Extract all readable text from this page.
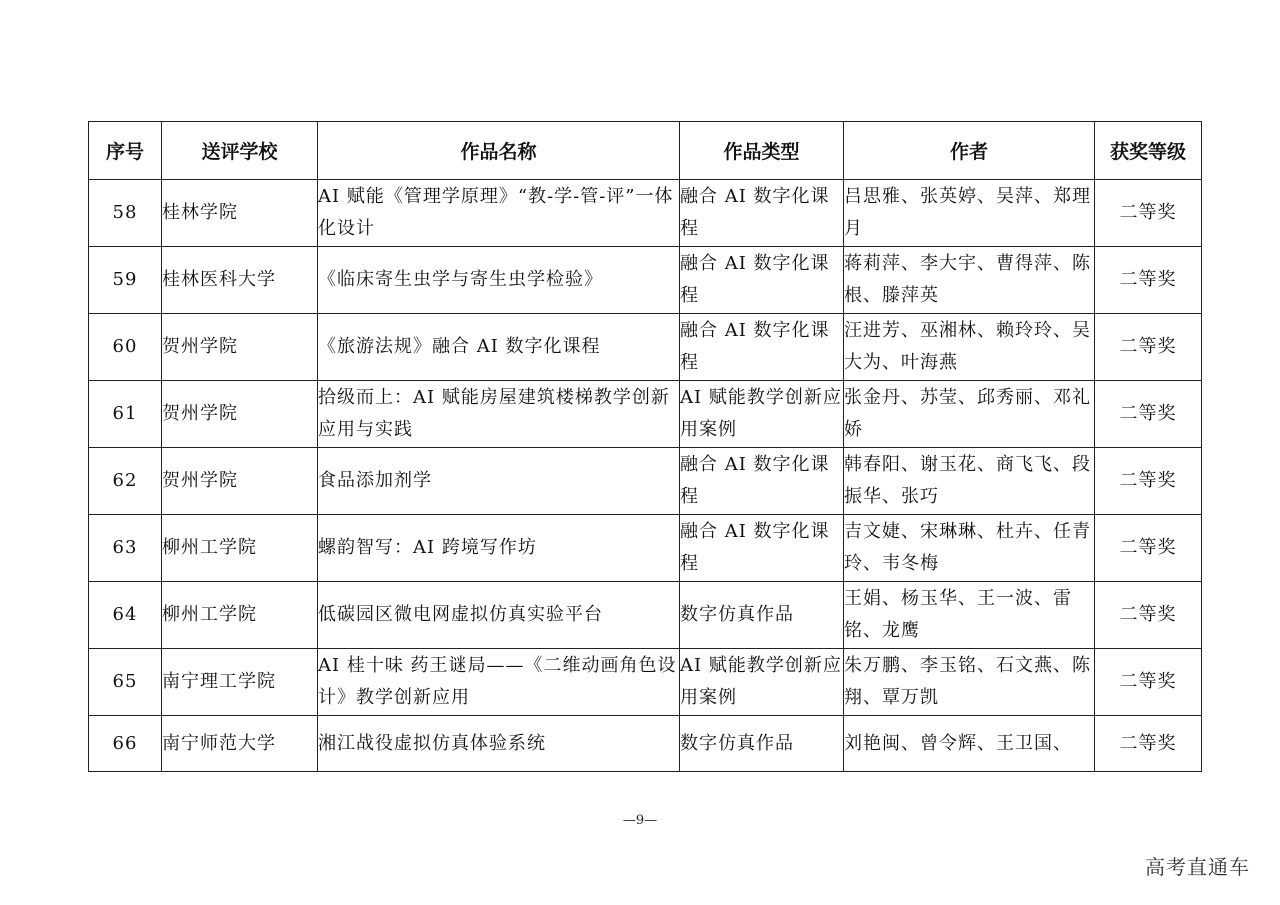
序号	送评学校	作品名称	作品类型	作者	获奖等级
58	桂林学院	AI 赋能《管理学原理》“教-学-管-评”一体化设计	融合 AI 数字化课程	吕思雅、张英婷、吴萍、郑理月	二等奖
59	桂林医科大学	《临床寄生虫学与寄生虫学检验》	融合 AI 数字化课程	蒋莉萍、李大宇、曹得萍、陈根、滕萍英	二等奖
60	贺州学院	《旅游法规》融合 AI 数字化课程	融合 AI 数字化课程	汪进芳、巫湘林、赖玲玲、吴大为、叶海燕	二等奖
61	贺州学院	拾级而上：AI 赋能房屋建筑楼梯教学创新应用与实践	AI 赋能教学创新应用案例	张金丹、苏莹、邱秀丽、邓礼娇	二等奖
62	贺州学院	食品添加剂学	融合 AI 数字化课程	韩春阳、谢玉花、商飞飞、段振华、张巧	二等奖
63	柳州工学院	螺韵智写：AI 跨境写作坊	融合 AI 数字化课程	吉文婕、宋琳琳、杜卉、任青玲、韦冬梅	二等奖
64	柳州工学院	低碳园区微电网虚拟仿真实验平台	数字仿真作品	王娟、杨玉华、王一波、雷铭、龙鹰	二等奖
65	南宁理工学院	AI 桂十味 药王谜局——《二维动画角色设计》教学创新应用	AI 赋能教学创新应用案例	朱万鹏、李玉铭、石文燕、陈翔、覃万凯	二等奖
66	南宁师范大学	湘江战役虚拟仿真体验系统	数字仿真作品	刘艳闽、曾令辉、王卫国、	二等奖
—9—
高考直通车
